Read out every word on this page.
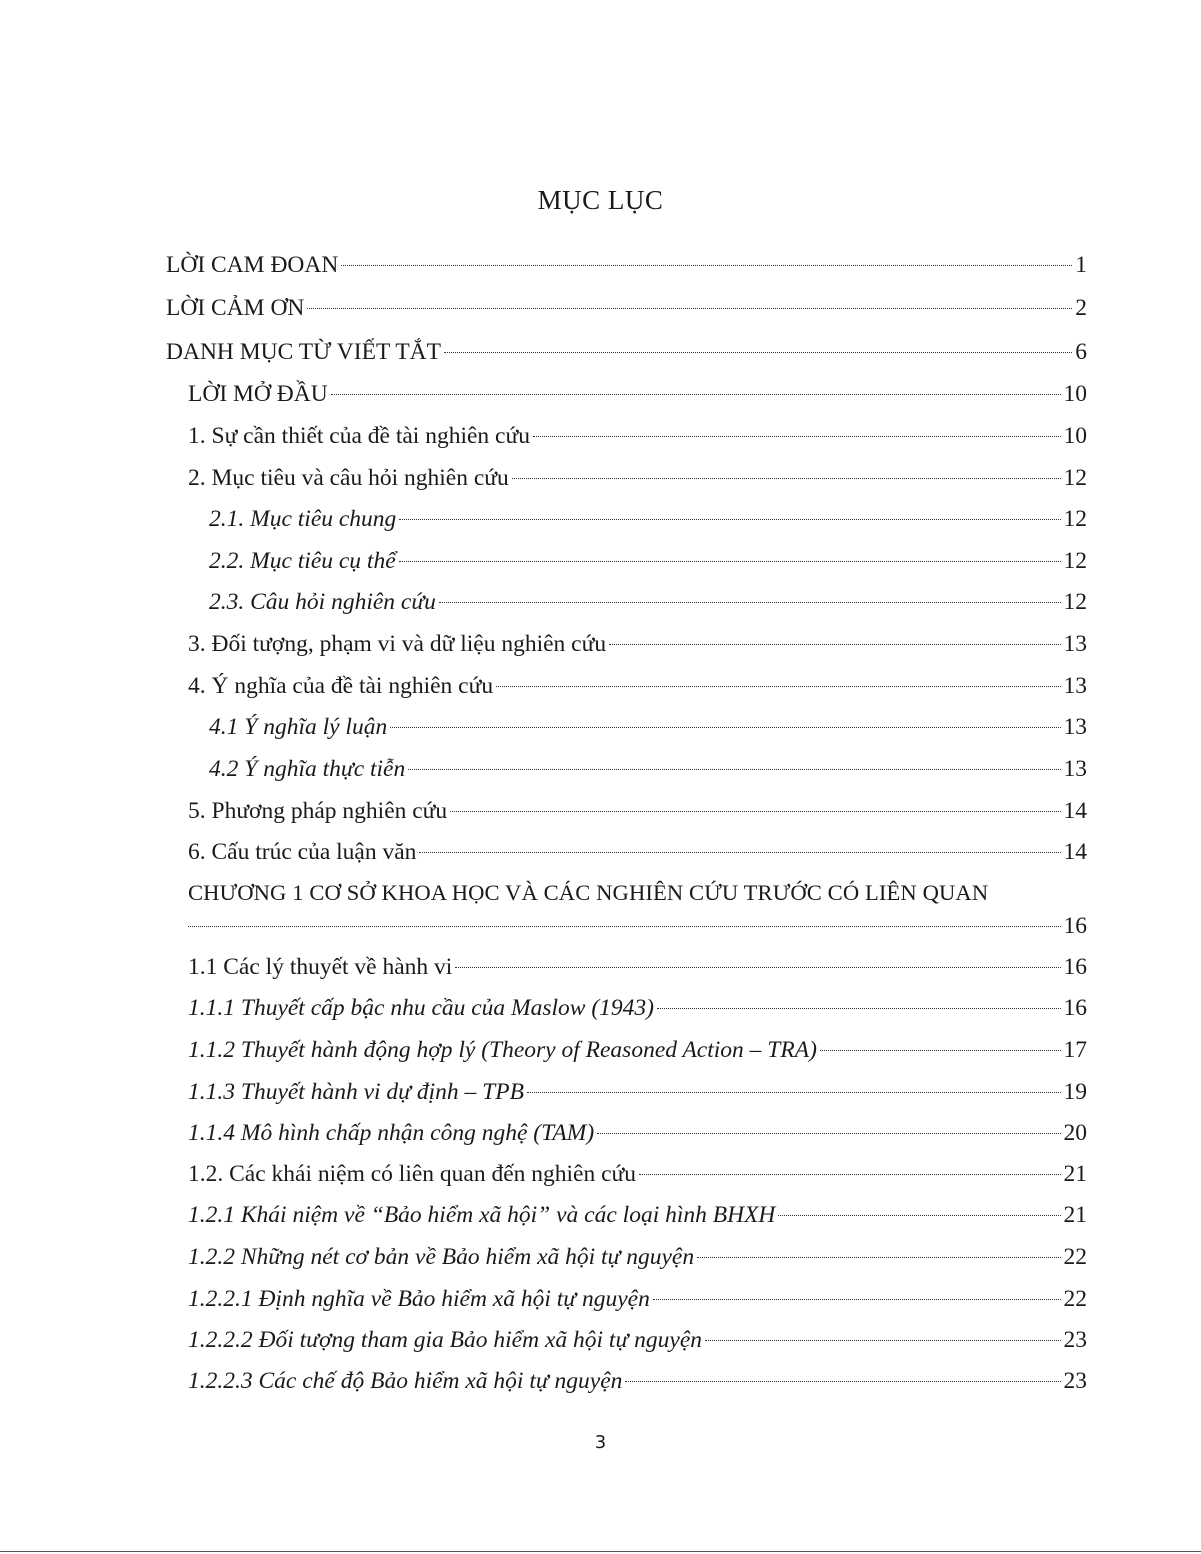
MỤC LỤC
LỜI CAM ĐOAN	1
LỜI CẢM ƠN	2
DANH MỤC TỪ VIẾT TẮT	6
LỜI MỞ ĐẦU	10
1. Sự cần thiết của đề tài nghiên cứu	10
2. Mục tiêu và câu hỏi nghiên cứu	12
2.1. Mục tiêu chung	12
2.2. Mục tiêu cụ thể	12
2.3. Câu hỏi nghiên cứu	12
3. Đối tượng, phạm vi và dữ liệu nghiên cứu	13
4. Ý nghĩa của đề tài nghiên cứu	13
4.1 Ý nghĩa lý luận	13
4.2 Ý nghĩa thực tiễn	13
5. Phương pháp nghiên cứu	14
6. Cấu trúc của luận văn	14
CHƯƠNG 1 CƠ SỞ KHOA HỌC VÀ CÁC NGHIÊN CỨU TRƯỚC CÓ LIÊN QUAN
16
1.1 Các lý thuyết về hành vi	16
1.1.1 Thuyết cấp bậc nhu cầu của Maslow (1943)	16
1.1.2 Thuyết hành động hợp lý (Theory of Reasoned Action – TRA)	17
1.1.3 Thuyết hành vi dự định – TPB	19
1.1.4 Mô hình chấp nhận công nghệ (TAM)	20
1.2. Các khái niệm có liên quan đến nghiên cứu	21
1.2.1 Khái niệm về “Bảo hiểm xã hội” và các loại hình BHXH	21
1.2.2 Những nét cơ bản về Bảo hiểm xã hội tự nguyện	22
1.2.2.1 Định nghĩa về Bảo hiểm xã hội tự nguyện	22
1.2.2.2 Đối tượng tham gia Bảo hiểm xã hội tự nguyện	23
1.2.2.3 Các chế độ Bảo hiểm xã hội tự nguyện	23
3
